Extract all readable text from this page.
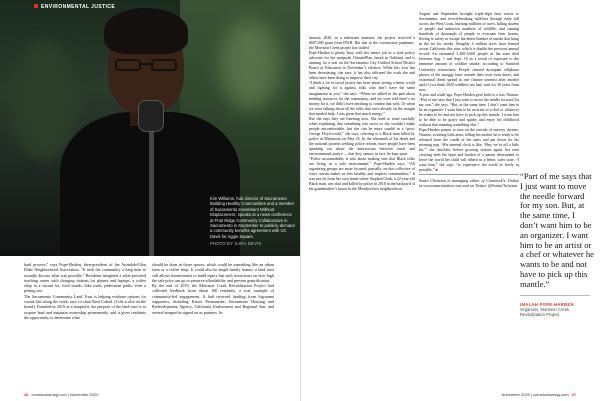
ENVIRONMENTAL JUSTICE
Kim Williams, hub director of Sacramento Building Healthy Communities and a member of Sacramento Investment Without Displacement, speaks at a news conference at Fruit Ridge Community Collaborative in Sacramento in September to publicly demand a community benefits agreement with UC Davis for Aggie Square.
PHOTO BY SARA NEVIS

hard process,” says Pope-Harden, then-president of the Avondale/Glen Elder Neighborhood Association. “It took the community a long time to actually discuss what was possible.” Residents imagined a solar-powered teaching center with charging stations for phones and laptops, a coffee shop in a vacant lot, food stands, bike trails, pedestrian paths, even a petting zoo.

The Sacramento Community Land Trust is helping evaluate options for vacant lots along the creek, says co-chair Rose Cabral. (Cole is also on the board). Founded in 2019 as a nonprofit, the purpose of the land trust is to acquire land and maintain ownership permanently, and it gives residents the opportunity to determine what

should be done in those spaces, which could be something like an urban farm or a coffee shop. It could also be single-family homes: a land trust still allows homeowners to build equity but with restrictions on how high the sale price can go to preserve affordability and prevent gentrification.

By the end of 2019, the Morrison Creek Revitalization Project had collected feedback from about 100 residents, a true example of community-led engagement. It had received funding from big-name supporters, including Kaiser Permanente, Sacramento Housing and Redevelopment Agency, California Endowment and Regional San, and several nonprofits signed on as partners. In

46 comstocksmag.com | November 2020

January 2020, in a milestone moment, the project received a $607,000 grant from DWR. But due to the coronavirus pandemic, the Morrison Creek project has stalled.

Pope-Harden is plenty busy with her tenure job as a state policy advocate for the nonprofit ClimatePlan, based in Oakland, and is running for a seat on the Sacramento City Unified School District Board of Education in November’s election. While this year has been devastating, she says, it has also affirmed the work she and others have been doing to improve their city.

“I think a lot of racial justice has been about seeing a better world and fighting for it against folks who don’t have the same imagination as you,” she says. “When we talked in the past about needing resources for the community, and we were told there’s no money for it, we didn’t have anything to combat that with. Or when we were talking about all the folks that were already on the margin that needed help, I was given that much energy.”

But she says they are listening now. She used to tread carefully when explaining that something was racist so she wouldn’t make people uncomfortable, but she can be more candid in a “post-George Floyd world,” she says, referring to a Black man killed by police in Minnesota on May 25. In the aftermath of his death and the national protests seeking police reform, more people have been speaking out about the intersection between racial and environmental justice — that they cannot, in fact, be kept apart.

“Police accountability is also about making sure that Black folks are living in a safe environment,” Pope-Harden says. “All organizing groups are more focused, partially, on this collective of ways racism makes us less healthy and impacts communities.” It was not far from her own home where Stephon Clark, a 22-year-old Black man, was shot and killed by police in 2018 in the backyard of his grandmother’s house in the Meadowview neighborhood.

August and September brought triple-digit heat waves to Sacramento, and record-breaking wildfires through early fall across the West Coast, burning millions of acres, killing dozens of people and unknown numbers of wildlife, and causing hundreds of thousands of people to evacuate their homes, fleeing to safety to escape the dense blanket of smoke that hung in the air for weeks. Roughly 4 million acres have burned across California this year, which is double the previous annual record. An estimated 3,200-3,600 people in the state died between Aug. 1 and Sept. 10 as a result of exposure to the immense amount of wildfire smoke, according to Stanford University researchers. People charred dystopian cellphone photos of the smoggy haze outside their own front doors, and existential dread spread as one climate scientist after another said if you think 2020 wildfires are bad, wait for 30 years from now.

A year and a half ago, Pope-Harden gave birth to a son, Nnazea. “Part of me says that I just want to move the needle forward for my son,” she says. “But, at the same time, I don’t want him to be an organizer. I want him to be an artist or a chef or whatever he wants to be and not have to pick up this mantle. I want him to be able to be goofy and quirky and enjoy his childhood without that meaning something else.”

Pope-Harden pauses to turn on the outside of nursery rhymes, Nnazea, swishing little arms, telling his mother he is ready to be released from the cradle of her arms and put down for his morning nap. “His internal clock is like, ‘Hey, we’re off a little bit,’” she chuckles, before growing serious again, her tone carrying both the hope and burden of a parent determined to leave the world her child will inherit in a better, safer state. “I want him,” she says, “to experience the world as freely as possible.” ■

Sonia Christian is managing editor of Comstock’s. Online at www.smartstation.com and on Twitter @SoniaChristian.

November 2020 | comstocksmag.com 47
“Part of me says that I just want to move the needle forward for my son. But, at the same time, I don’t want him to be an organizer. I want him to be an artist or a chef or whatever he wants to be and not have to pick up this mantle.”
IMALAH POPE-HARDEN
Organizer, Morrison Creek Revitalization Project
